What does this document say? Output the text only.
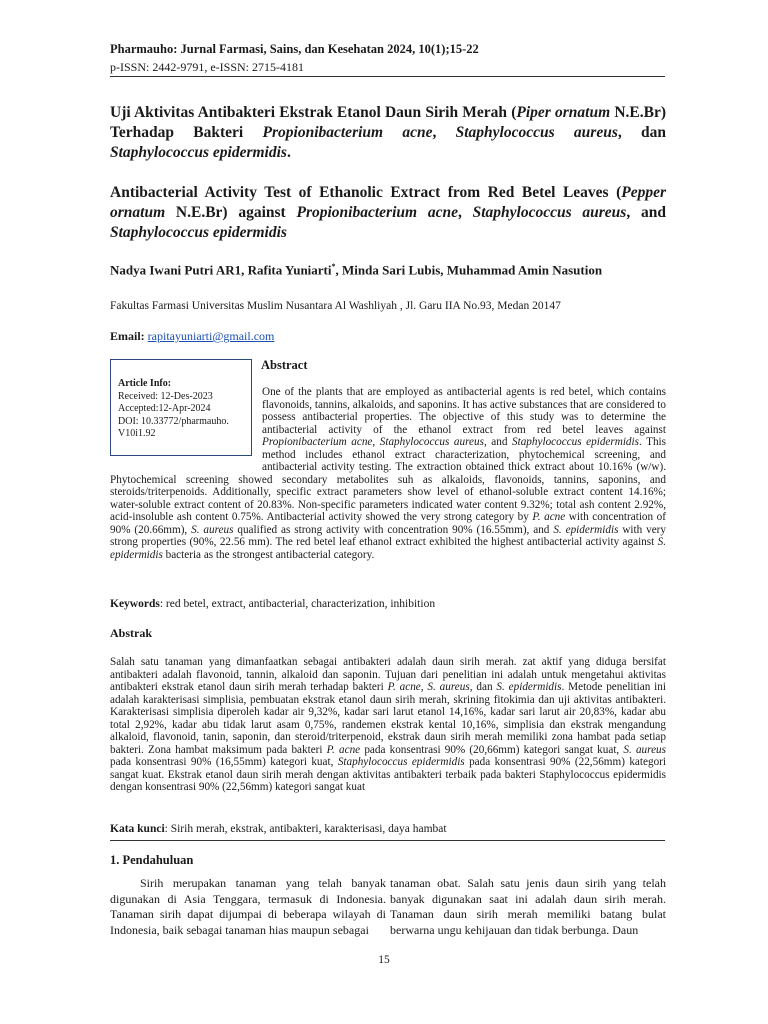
Pharmauho: Jurnal Farmasi, Sains, dan Kesehatan 2024, 10(1);15-22
p-ISSN: 2442-9791, e-ISSN: 2715-4181
Uji Aktivitas Antibakteri Ekstrak Etanol Daun Sirih Merah (Piper ornatum N.E.Br) Terhadap Bakteri Propionibacterium acne, Staphylococcus aureus, dan Staphylococcus epidermidis.
Antibacterial Activity Test of Ethanolic Extract from Red Betel Leaves (Pepper ornatum N.E.Br) against Propionibacterium acne, Staphylococcus aureus, and Staphylococcus epidermidis
Nadya Iwani Putri AR1, Rafita Yuniarti*, Minda Sari Lubis, Muhammad Amin Nasution
Fakultas Farmasi Universitas Muslim Nusantara Al Washliyah , Jl. Garu IIA No.93, Medan 20147
Email: rapitayuniarti@gmail.com
Article Info:
Received: 12-Des-2023
Accepted:12-Apr-2024
DOI: 10.33772/pharmauho.
V10i1.92
Abstract
One of the plants that are employed as antibacterial agents is red betel, which contains flavonoids, tannins, alkaloids, and saponins. It has active substances that are considered to possess antibacterial properties. The objective of this study was to determine the antibacterial activity of the ethanol extract from red betel leaves against Propionibacterium acne, Staphylococcus aureus, and Staphylococcus epidermidis. This method includes ethanol extract characterization, phytochemical screening, and antibacterial activity testing. The extraction obtained thick extract about 10.16% (w/w). Phytochemical screening showed secondary metabolites suh as alkaloids, flavonoids, tannins, saponins, and steroids/triterpenoids. Additionally, specific extract parameters show level of ethanol-soluble extract content 14.16%; water-soluble extract content of 20.83%. Non-specific parameters indicated water content 9.32%; total ash content 2.92%, acid-insoluble ash content 0.75%. Antibacterial activity showed the very strong category by P. acne with concentration of 90% (20.66mm), S. aureus qualified as strong activity with concentration 90% (16.55mm), and S. epidermidis with very strong properties (90%, 22.56 mm). The red betel leaf ethanol extract exhibited the highest antibacterial activity against S. epidermidis bacteria as the strongest antibacterial category.
Keywords: red betel, extract, antibacterial, characterization, inhibition
Abstrak
Salah satu tanaman yang dimanfaatkan sebagai antibakteri adalah daun sirih merah. zat aktif yang diduga bersifat antibakteri adalah flavonoid, tannin, alkaloid dan saponin. Tujuan dari penelitian ini adalah untuk mengetahui aktivitas antibakteri ekstrak etanol daun sirih merah terhadap bakteri P. acne, S. aureus, dan S. epidermidis. Metode penelitian ini adalah karakterisasi simplisia, pembuatan ekstrak etanol daun sirih merah, skrining fitokimia dan uji aktivitas antibakteri. Karakterisasi simplisia diperoleh kadar air 9,32%, kadar sari larut etanol 14,16%, kadar sari larut air 20,83%, kadar abu total 2,92%, kadar abu tidak larut asam 0,75%, randemen ekstrak kental 10,16%, simplisia dan ekstrak mengandung alkaloid, flavonoid, tanin, saponin, dan steroid/triterpenoid, ekstrak daun sirih merah memiliki zona hambat pada setiap bakteri. Zona hambat maksimum pada bakteri P. acne pada konsentrasi 90% (20,66mm) kategori sangat kuat, S. aureus pada konsentrasi 90% (16,55mm) kategori kuat, Staphylococcus epidermidis pada konsentrasi 90% (22,56mm) kategori sangat kuat. Ekstrak etanol daun sirih merah dengan aktivitas antibakteri terbaik pada bakteri Staphylococcus epidermidis dengan konsentrasi 90% (22,56mm) kategori sangat kuat
Kata kunci: Sirih merah, ekstrak, antibakteri, karakterisasi, daya hambat
1. Pendahuluan
Sirih merupakan tanaman yang telah banyak digunakan di Asia Tenggara, termasuk di Indonesia. Tanaman sirih dapat dijumpai di beberapa wilayah di Indonesia, baik sebagai tanaman hias maupun sebagai
tanaman obat. Salah satu jenis daun sirih yang telah banyak digunakan saat ini adalah daun sirih merah. Tanaman daun sirih merah memiliki batang bulat berwarna ungu kehijauan dan tidak berbunga. Daun
15
